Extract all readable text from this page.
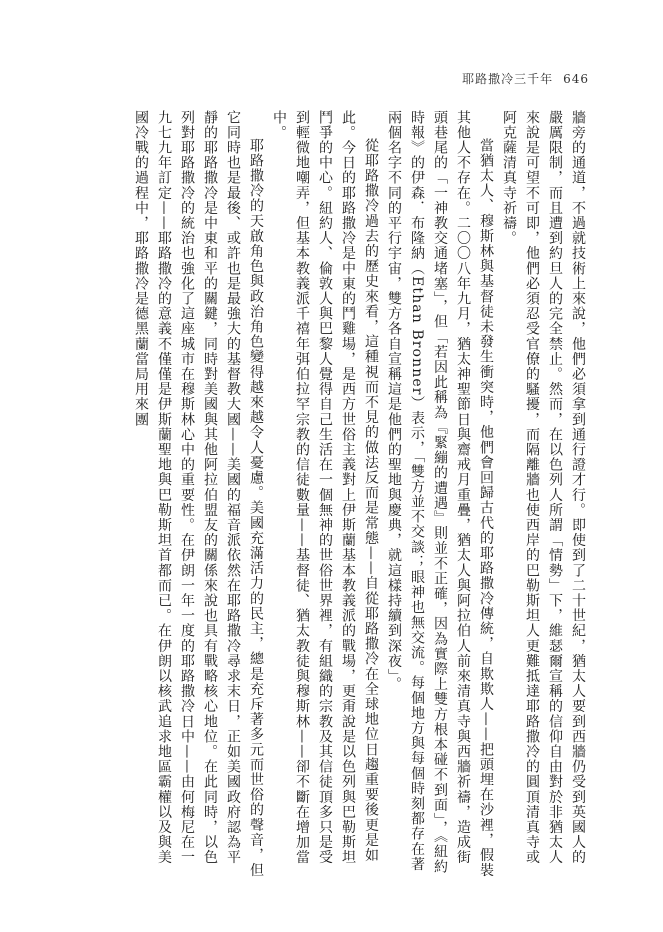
耶路撒冷三千年 646

牆旁的通道，不過就技術上來說，他們必須拿到通行證才行。即使到了二十世紀，猶太人要到西牆仍受到英國人的嚴厲限制，而且遭到約旦人的完全禁止。然而，在以色列人所謂「情勢」下，維瑟爾宣稱的信仰自由對於非猶太人來說是可望不可即，他們必須忍受官僚的騷擾，而隔離牆也使西岸的巴勒斯坦人更難抵達耶路撒冷的圓頂清真寺或阿克薩清真寺祈禱。

當猶太人、穆斯林與基督徒未發生衝突時，他們會回歸古代的耶路撒冷傳統，自欺欺人——把頭埋在沙裡，假裝其他人不存在。二〇〇八年九月，猶太神聖節日與齋戒月重疊，猶太人與阿拉伯人前來清真寺與西牆祈禱，造成街頭巷尾的「一神教交通堵塞」，但「若因此稱為『緊繃的遭遇』則並不正確，因為實際上雙方根本碰不到面」，《紐約時報》的伊森．布隆納（Ethan Bronner）表示，「雙方並不交談；眼神也無交流。每個地方與每個時刻都存在著兩個名字不同的平行宇宙，雙方各自宣稱這是他們的聖地與慶典，就這樣持續到深夜」。

從耶路撒冷過去的歷史來看，這種視而不見的做法反而是常態——自從耶路撒冷在全球地位日趨重要後更是如此。今日的耶路撒冷是中東的鬥雞場，是西方世俗主義對上伊斯蘭基本教義派的戰場，更甭說是以色列與巴勒斯坦鬥爭的中心。紐約人、倫敦人與巴黎人覺得自己生活在一個無神的世俗世界裡，有組織的宗教及其信徒頂多只是受到輕微地嘲弄，但基本教義派千禧年弭伯拉罕宗教的信徒數量——基督徒、猶太教徒與穆斯林——卻不斷在增加當中。

耶路撒冷的天啟角色與政治角色變得越來越令人憂慮。美國充滿活力的民主，總是充斥著多元而世俗的聲音，但它同時也是最後、或許也是最強大的基督教大國——美國的福音派依然在耶路撒冷尋求末日，正如美國政府認為平靜的耶路撒冷是中東和平的關鍵，同時對美國與其他阿拉伯盟友的關係來說也具有戰略核心地位。在此同時，以色列對耶路撒冷的統治也強化了這座城市在穆斯林心中的重要性。在伊朗一年一度的耶路撒冷日中——由何梅尼在一九七九年訂定——耶路撒冷的意義不僅僅是伊斯蘭聖地與巴勒斯坦首都而已。在伊朗以核武追求地區霸權以及與美國冷戰的過程中，耶路撒冷是德黑蘭當局用來團
